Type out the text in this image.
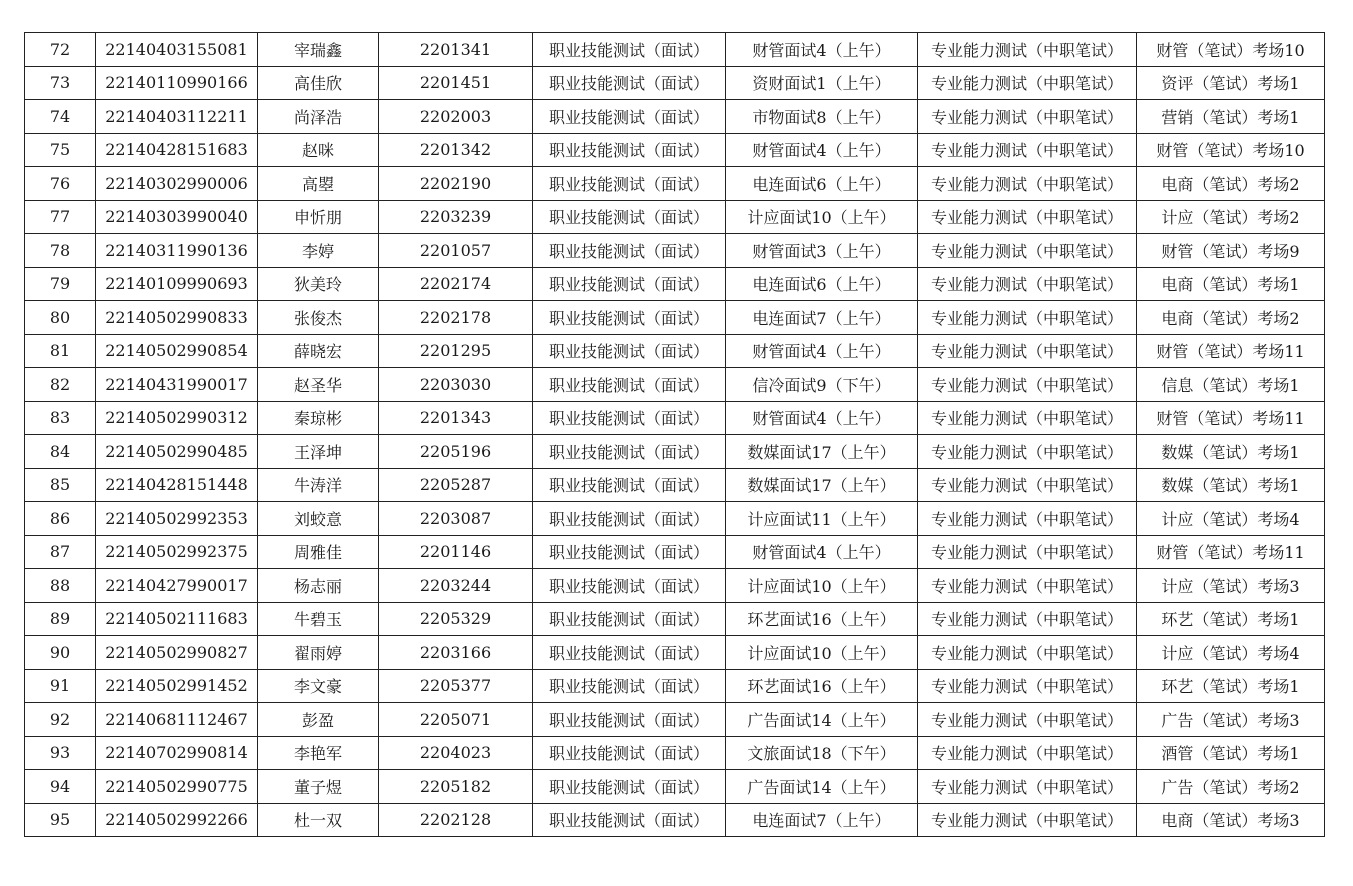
72	22140403155081	宰瑞鑫	2201341	职业技能测试（面试）	财管面试4（上午）	专业能力测试（中职笔试）	财管（笔试）考场10
73	22140110990166	高佳欣	2201451	职业技能测试（面试）	资财面试1（上午）	专业能力测试（中职笔试）	资评（笔试）考场1
74	22140403112211	尚泽浩	2202003	职业技能测试（面试）	市物面试8（上午）	专业能力测试（中职笔试）	营销（笔试）考场1
75	22140428151683	赵咪	2201342	职业技能测试（面试）	财管面试4（上午）	专业能力测试（中职笔试）	财管（笔试）考场10
76	22140302990006	高曌	2202190	职业技能测试（面试）	电连面试6（上午）	专业能力测试（中职笔试）	电商（笔试）考场2
77	22140303990040	申忻朋	2203239	职业技能测试（面试）	计应面试10（上午）	专业能力测试（中职笔试）	计应（笔试）考场2
78	22140311990136	李婷	2201057	职业技能测试（面试）	财管面试3（上午）	专业能力测试（中职笔试）	财管（笔试）考场9
79	22140109990693	狄美玲	2202174	职业技能测试（面试）	电连面试6（上午）	专业能力测试（中职笔试）	电商（笔试）考场1
80	22140502990833	张俊杰	2202178	职业技能测试（面试）	电连面试7（上午）	专业能力测试（中职笔试）	电商（笔试）考场2
81	22140502990854	薛晓宏	2201295	职业技能测试（面试）	财管面试4（上午）	专业能力测试（中职笔试）	财管（笔试）考场11
82	22140431990017	赵圣华	2203030	职业技能测试（面试）	信冷面试9（下午）	专业能力测试（中职笔试）	信息（笔试）考场1
83	22140502990312	秦琼彬	2201343	职业技能测试（面试）	财管面试4（上午）	专业能力测试（中职笔试）	财管（笔试）考场11
84	22140502990485	王泽坤	2205196	职业技能测试（面试）	数媒面试17（上午）	专业能力测试（中职笔试）	数媒（笔试）考场1
85	22140428151448	牛涛洋	2205287	职业技能测试（面试）	数媒面试17（上午）	专业能力测试（中职笔试）	数媒（笔试）考场1
86	22140502992353	刘蛟意	2203087	职业技能测试（面试）	计应面试11（上午）	专业能力测试（中职笔试）	计应（笔试）考场4
87	22140502992375	周雅佳	2201146	职业技能测试（面试）	财管面试4（上午）	专业能力测试（中职笔试）	财管（笔试）考场11
88	22140427990017	杨志丽	2203244	职业技能测试（面试）	计应面试10（上午）	专业能力测试（中职笔试）	计应（笔试）考场3
89	22140502111683	牛碧玉	2205329	职业技能测试（面试）	环艺面试16（上午）	专业能力测试（中职笔试）	环艺（笔试）考场1
90	22140502990827	翟雨婷	2203166	职业技能测试（面试）	计应面试10（上午）	专业能力测试（中职笔试）	计应（笔试）考场4
91	22140502991452	李文豪	2205377	职业技能测试（面试）	环艺面试16（上午）	专业能力测试（中职笔试）	环艺（笔试）考场1
92	22140681112467	彭盈	2205071	职业技能测试（面试）	广告面试14（上午）	专业能力测试（中职笔试）	广告（笔试）考场3
93	22140702990814	李艳军	2204023	职业技能测试（面试）	文旅面试18（下午）	专业能力测试（中职笔试）	酒管（笔试）考场1
94	22140502990775	董子煜	2205182	职业技能测试（面试）	广告面试14（上午）	专业能力测试（中职笔试）	广告（笔试）考场2
95	22140502992266	杜一双	2202128	职业技能测试（面试）	电连面试7（上午）	专业能力测试（中职笔试）	电商（笔试）考场3
